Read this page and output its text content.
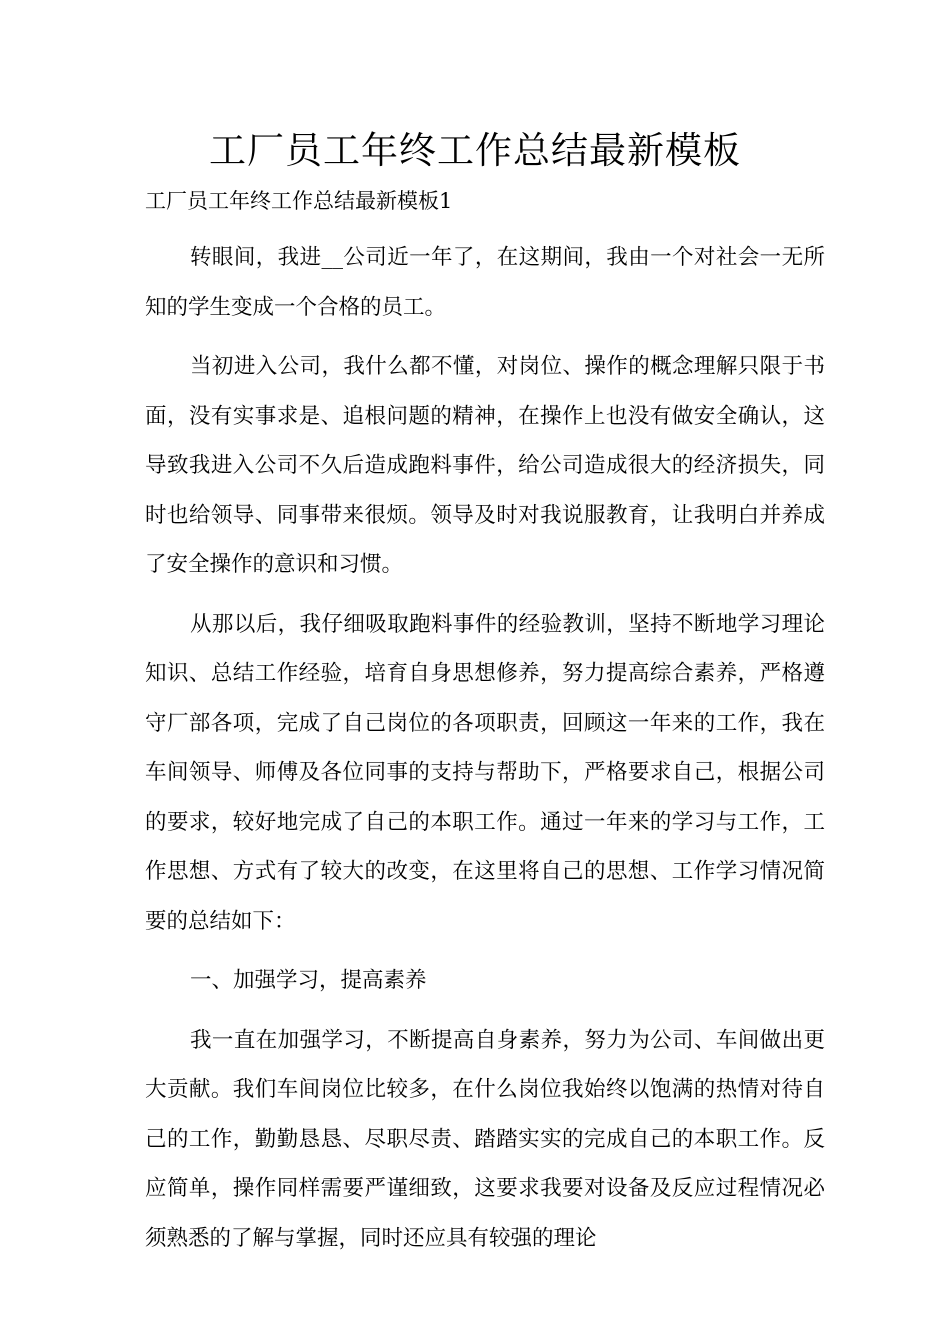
工厂员工年终工作总结最新模板

工厂员工年终工作总结最新模板1

转眼间，我进__公司近一年了，在这期间，我由一个对社会一无所知的学生变成一个合格的员工。

当初进入公司，我什么都不懂，对岗位、操作的概念理解只限于书面，没有实事求是、追根问题的精神，在操作上也没有做安全确认，这导致我进入公司不久后造成跑料事件，给公司造成很大的经济损失，同时也给领导、同事带来很烦。领导及时对我说服教育，让我明白并养成了安全操作的意识和习惯。

从那以后，我仔细吸取跑料事件的经验教训，坚持不断地学习理论知识、总结工作经验，培育自身思想修养，努力提高综合素养，严格遵守厂部各项，完成了自己岗位的各项职责，回顾这一年来的工作，我在车间领导、师傅及各位同事的支持与帮助下，严格要求自己，根据公司的要求，较好地完成了自己的本职工作。通过一年来的学习与工作，工作思想、方式有了较大的改变，在这里将自己的思想、工作学习情况简要的总结如下：

一、加强学习，提高素养

我一直在加强学习，不断提高自身素养，努力为公司、车间做出更大贡献。我们车间岗位比较多，在什么岗位我始终以饱满的热情对待自己的工作，勤勤恳恳、尽职尽责、踏踏实实的完成自己的本职工作。反应简单，操作同样需要严谨细致，这要求我要对设备及反应过程情况必须熟悉的了解与掌握，同时还应具有较强的理论
